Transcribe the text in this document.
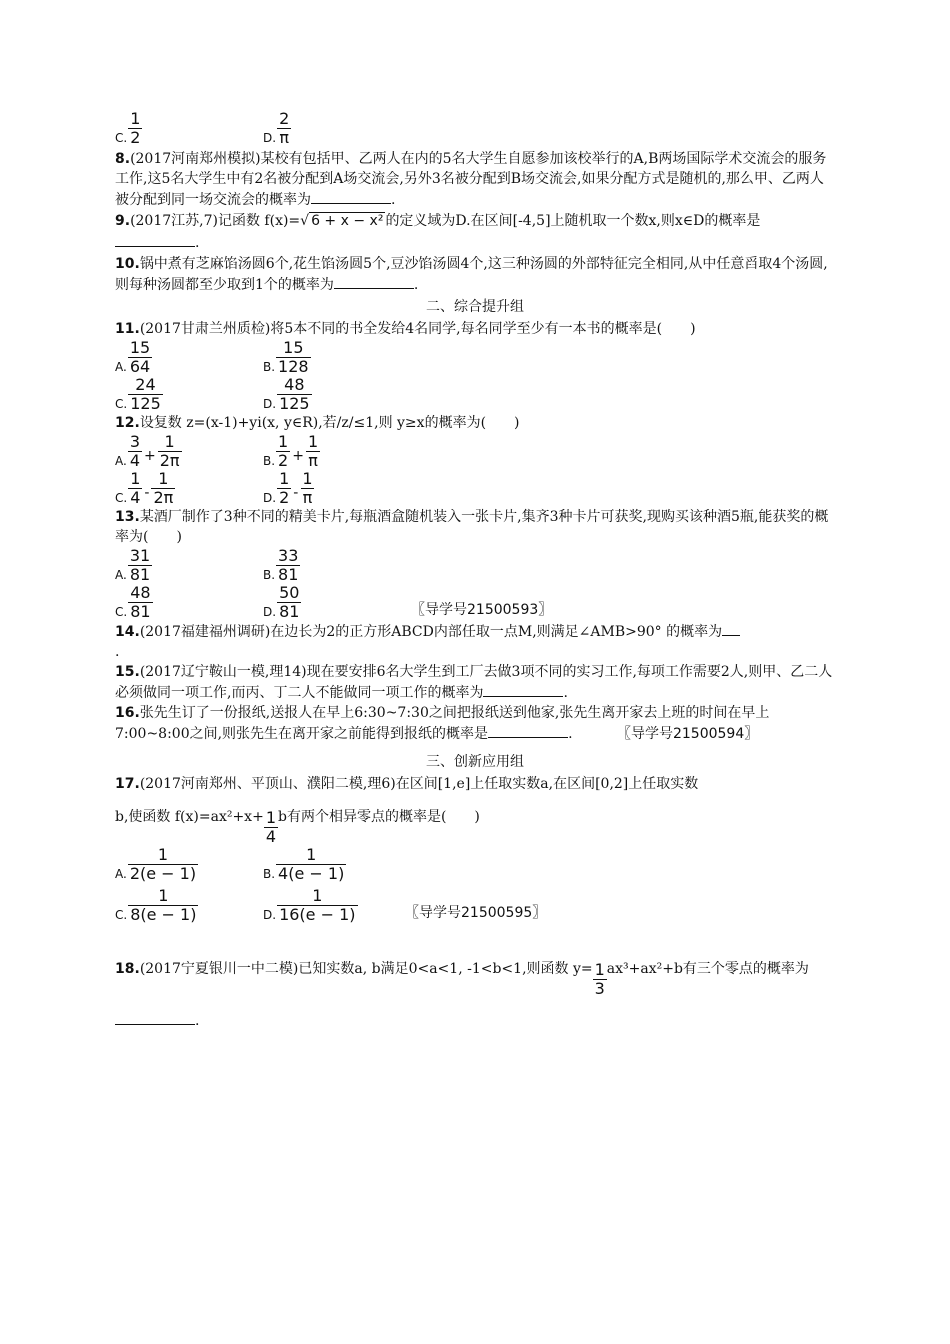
C. $\frac{1}{2}$	D. $\frac{2}{\pi}$

8.(2017河南郑州模拟)某校有包括甲、乙两人在内的5名大学生自愿参加该校举行的A,B两场国际学术交流会的服务工作,这5名大学生中有2名被分配到A场交流会,另外3名被分配到B场交流会,如果分配方式是随机的,那么甲、乙两人被分配到同一场交流会的概率为	.

9.(2017江苏,7)记函数 f(x)=√ 6 + x − x² 的定义域为D.在区间[-4,5]上随机取一个数x,则x∈D的概率是.

10.锅中煮有芝麻馅汤圆6个,花生馅汤圆5个,豆沙馅汤圆4个,这三种汤圆的外部特征完全相同,从中任意舀取4个汤圆,则每种汤圆都至少取到1个的概率为	.

二、综合提升组

11.(2017甘肃兰州质检)将5本不同的书全发给4名同学,每名同学至少有一本书的概率是(　　)

A. $\frac{15}{64}$	B. $\frac{15}{128}$
C. $\frac{24}{125}$	D. $\frac{48}{125}$

12.设复数 z=(x-1)+yi(x, y∈R),若/z/≤1,则 y≥x的概率为(　　)

A. $\frac{3}{4} + \frac{1}{2\pi}$	B. $\frac{1}{2} + \frac{1}{\pi}$
C. $\frac{1}{4} - \frac{1}{2\pi}$	D. $\frac{1}{2} - \frac{1}{\pi}$

13.某酒厂制作了3种不同的精美卡片,每瓶酒盒随机装入一张卡片,集齐3种卡片可获奖,现购买该种酒5瓶,能获奖的概率为(　　)

A. $\frac{31}{81}$	B. $\frac{33}{81}$
C. $\frac{48}{81}$	D. $\frac{50}{81}$	〖导学号21500593〗

14.(2017福建福州调研)在边长为2的正方形ABCD内部任取一点M,则满足∠AMB>90° 的概率为
.

15.(2017辽宁鞍山一模,理14)现在要安排6名大学生到工厂去做3项不同的实习工作,每项工作需要2人,则甲、乙二人必须做同一项工作,而丙、丁二人不能做同一项工作的概率为	.

16.张先生订了一份报纸,送报人在早上6:30~7:30之间把报纸送到他家,张先生离开家去上班的时间在早上7:00~8:00之间,则张先生在离开家之前能得到报纸的概率是	.	〖导学号21500594〗

三、创新应用组

17.(2017河南郑州、平顶山、濮阳二模,理6)在区间[1,e]上任取实数a,在区间[0,2]上任取实数

b,使函数 $f(x)=ax^2+x+ \frac{1}{4}$ b有两个相异零点的概率是(　　)

A. $\frac{1}{2(e - 1)}$	B. $\frac{1}{4(e - 1)}$
C. $\frac{1}{8(e - 1)}$	D. $\frac{1}{16(e - 1)}$	〖导学号21500595〗

18.(2017宁夏银川一中二模)已知实数a, b满足0<a<1, -1<b<1,则函数 $y= \frac{1}{3} ax^3+ax^2+b$有三个零点的概率为.
